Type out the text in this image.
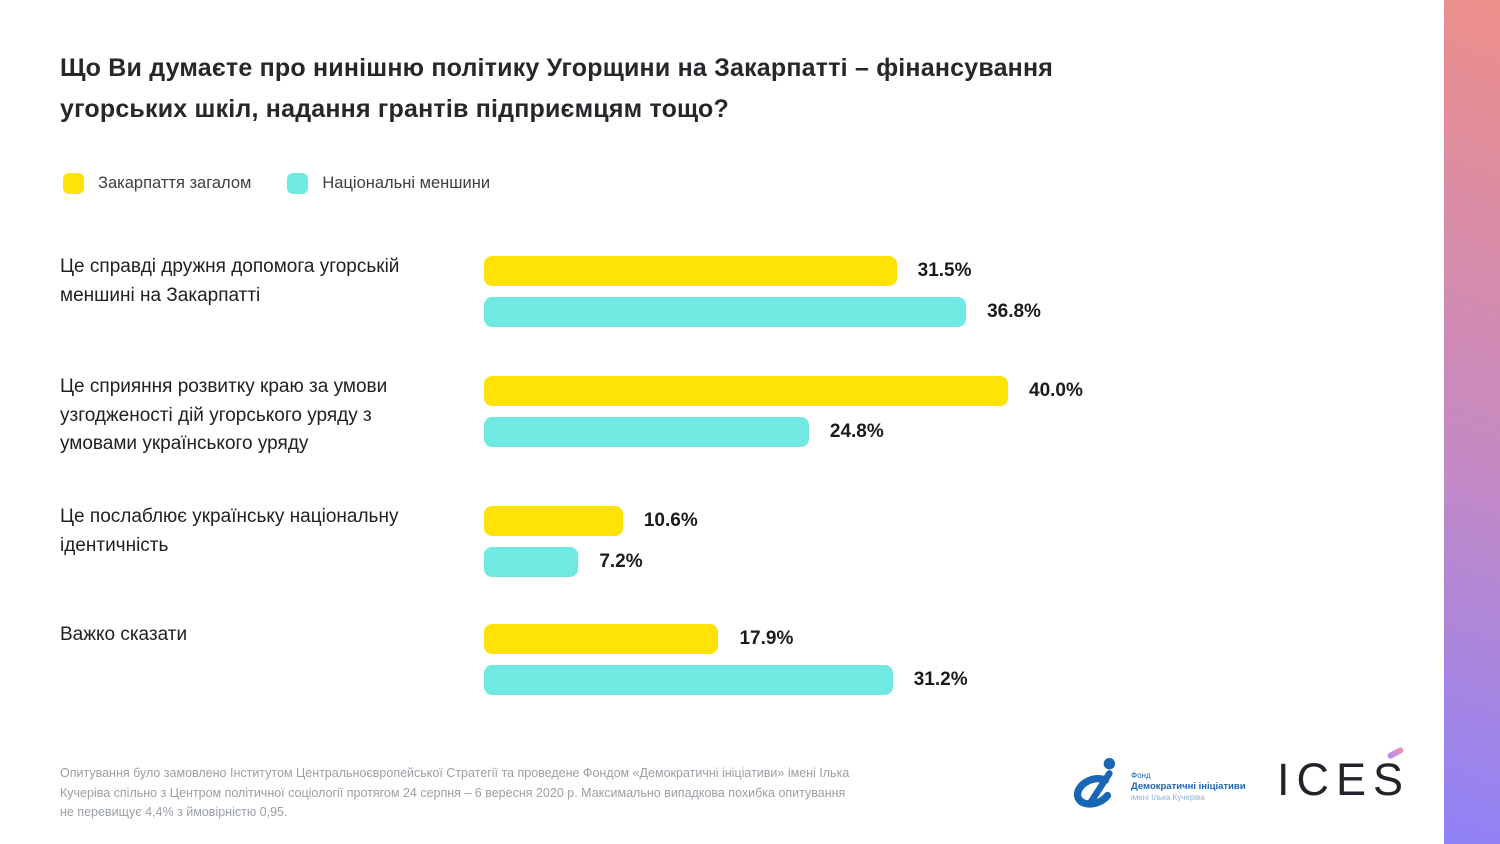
Що Ви думаєте про нинішню політику Угорщини на Закарпатті – фінансування угорських шкіл, надання грантів підприємцям тощо?
Закарпаття загалом	Національні меншини
Це справді дружня допомога угорській меншині на Закарпатті
31.5%
36.8%
Це сприяння розвитку краю за умови узгодженості дій угорського уряду з умовами українського уряду
40.0%
24.8%
Це послаблює українську національну ідентичність
10.6%
7.2%
Важко сказати	17.9%
31.2%

Опитування було замовлено Інститутом Центральноєвропейської Стратегії та проведене Фондом «Демократичні ініціативи» імені Ілька Кучеріва спільно з Центром політичної соціології протягом 24 серпня – 6 вересня 2020 р. Максимально випадкова похибка опитування не перевищує 4,4% з ймовірністю 0,95.

Фонд
Демократичні ініціативи
імені Ілька Кучеріва	ICES
